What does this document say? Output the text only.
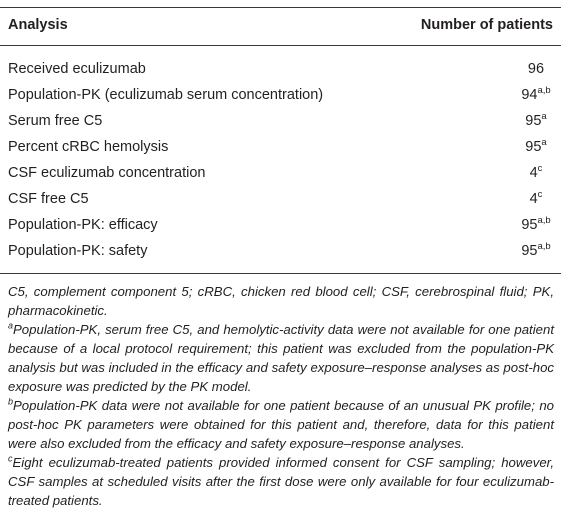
Analysis	Number of patients
Received eculizumab	96
Population-PK (eculizumab serum concentration)	94$^{a,b}$
Serum free C5	95$^a$
Percent cRBC hemolysis	95$^a$
CSF eculizumab concentration	4$^c$
CSF free C5	4$^c$
Population-PK: efficacy	95$^{a,b}$
Population-PK: safety	95$^{a,b}$

C5, complement component 5; cRBC, chicken red blood cell; CSF, cerebrospinal fluid; PK, pharmacokinetic.

$^a$Population-PK, serum free C5, and hemolytic-activity data were not available for one patient because of a local protocol requirement; this patient was excluded from the population-PK analysis but was included in the efficacy and safety exposure–response analyses as post-hoc exposure was predicted by the PK model.

$^b$Population-PK data were not available for one patient because of an unusual PK profile; no post-hoc PK parameters were obtained for this patient and, therefore, data for this patient were also excluded from the efficacy and safety exposure–response analyses.

$^c$Eight eculizumab-treated patients provided informed consent for CSF sampling; however, CSF samples at scheduled visits after the first dose were only available for four eculizumab-treated patients.
